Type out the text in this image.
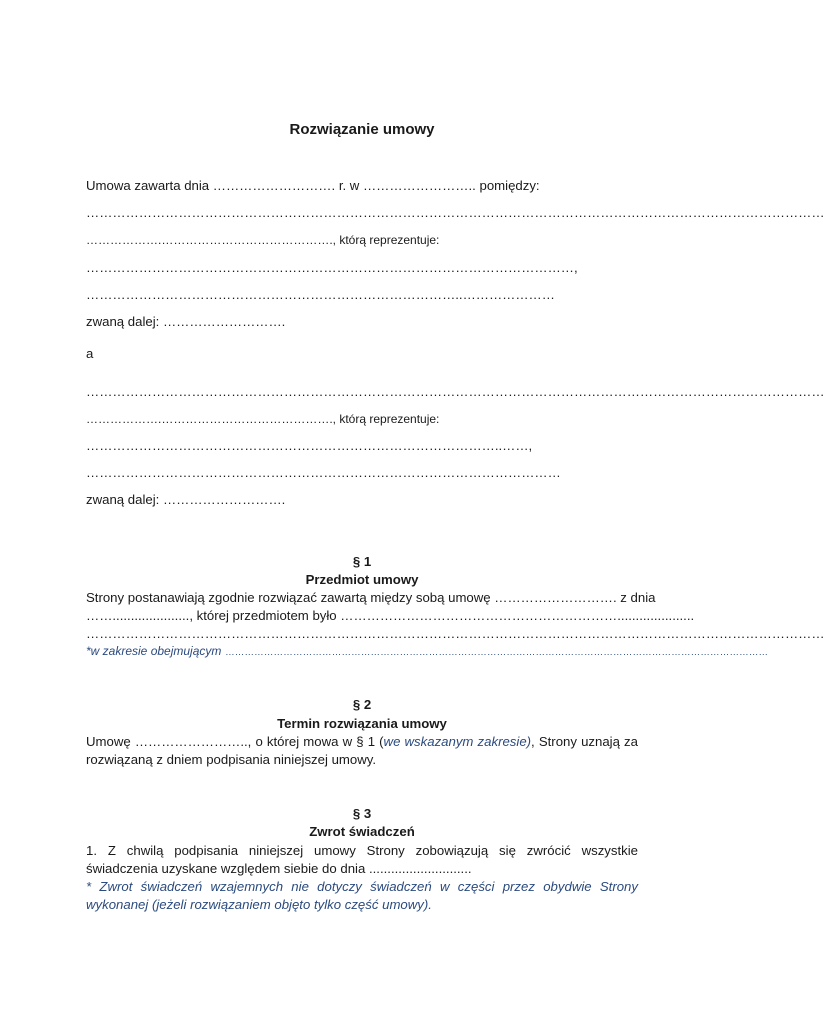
Rozwiązanie umowy
Umowa zawarta dnia ………………………. r. w …………………….. pomiędzy:
……………………………………………………………………………………………………………………………………………………
……………….……………………………………., którą reprezentuje:
…………………………………………………………………………………………………,
…………………………………………………………………………..…………………
zwaną dalej: ……………………….
a
……………………………………………………………………………………………………………………………………………………
……………….……………………………………., którą reprezentuje:
…………………………………………………………………………………..……,
………………………………………………………………………………………………
zwaną dalej: ……………………….
§ 1
Przedmiot umowy
Strony postanawiają zgodnie rozwiązać zawartą między sobą umowę ………………………. z dnia
……....................., której przedmiotem było ……………………………………………………….....................
……………………………………………………………………………………………………………………………………………………
*w zakresie obejmującym ……………………………………………………………………………………………………………………………………………………
§ 2
Termin rozwiązania umowy
Umowę …………………….., o której mowa w § 1 (we wskazanym zakresie), Strony uznają za
rozwiązaną z dniem podpisania niniejszej umowy.
§ 3
Zwrot świadczeń
1. Z chwilą podpisania niniejszej umowy Strony zobowiązują się zwrócić wszystkie
świadczenia uzyskane względem siebie do dnia ............................
* Zwrot świadczeń wzajemnych nie dotyczy świadczeń w części przez obydwie Strony
wykonanej (jeżeli rozwiązaniem objęto tylko część umowy).
